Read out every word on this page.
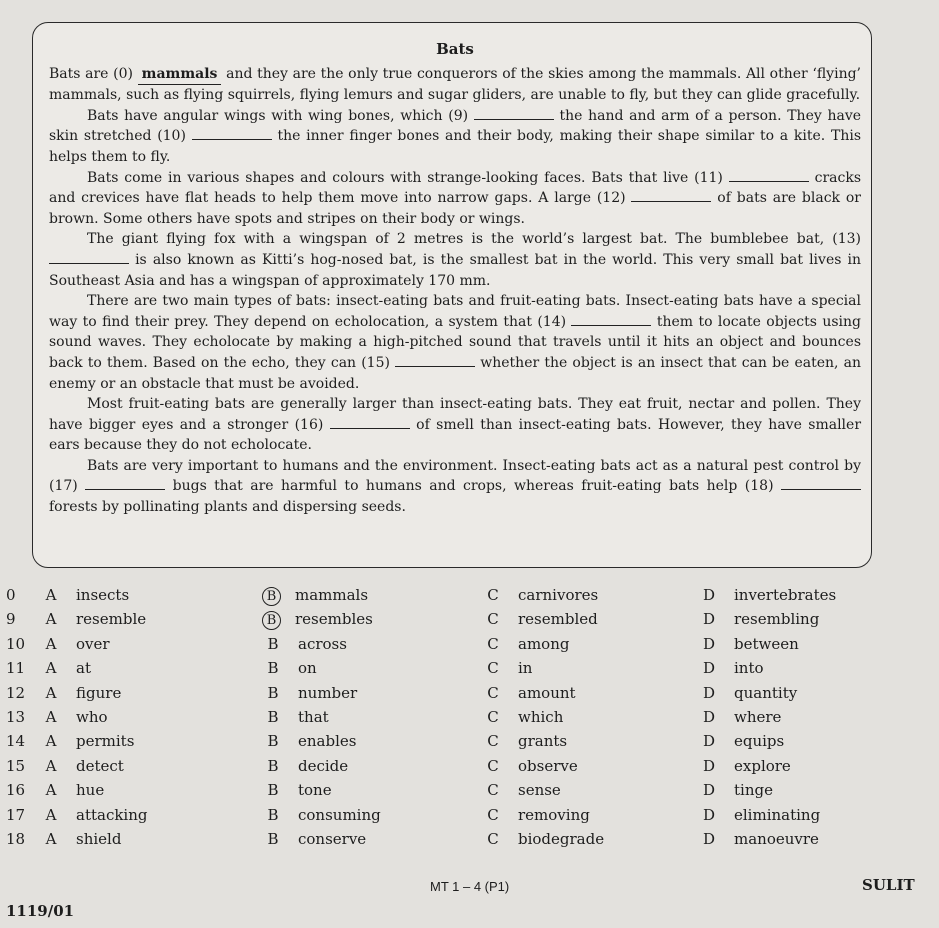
Bats

Bats are (0) mammals and they are the only true conquerors of the skies among the mammals. All other ‘flying’ mammals, such as flying squirrels, flying lemurs and sugar gliders, are unable to fly, but they can glide gracefully.

Bats have angular wings with wing bones, which (9)	the hand and arm of a person. They have skin stretched (10)	the inner finger bones and their body, making their shape similar to a kite. This helps them to fly.

Bats come in various shapes and colours with strange-looking faces. Bats that live (11)	cracks and crevices have flat heads to help them move into narrow gaps. A large (12)	of bats are black or brown. Some others have spots and stripes on their body or wings.

The giant flying fox with a wingspan of 2 metres is the world’s largest bat. The bumblebee bat, (13)  is also known as Kitti’s hog-nosed bat, is the smallest bat in the world. This very small bat lives in Southeast Asia and has a wingspan of approximately 170 mm.

There are two main types of bats: insect-eating bats and fruit-eating bats. Insect-eating bats have a special way to find their prey. They depend on echolocation, a system that (14)	them to locate objects using sound waves. They echolocate by making a high-pitched sound that travels until it hits an object and bounces back to them. Based on the echo, they can (15)	whether the object is an insect that can be eaten, an enemy or an obstacle that must be avoided.

Most fruit-eating bats are generally larger than insect-eating bats. They eat fruit, nectar and pollen. They have bigger eyes and a stronger (16)	of smell than insect-eating bats. However, they have smaller ears because they do not echolocate.

Bats are very important to humans and the environment. Insect-eating bats act as a natural pest control by (17)	bugs that are harmful to humans and crops, whereas fruit-eating bats help (18)  forests by pollinating plants and dispersing seeds.

0	A insects	B mammals	C carnivores	D invertebrates
9	A resemble	B resembles	C resembled	D resembling
10	A over	B across	C among	D between
11	A at	B on	C in	D into
12	A figure	B number	C amount	D quantity
13	A who	B that	C which	D where
14	A permits	B enables	C grants	D equips
15	A detect	B decide	C observe	D explore
16	A hue	B tone	C sense	D tinge
17	A attacking	B consuming	C removing	D eliminating
18	A shield	B conserve	C biodegrade	D manoeuvre
MT 1 – 4 (P1)	SULIT
1119/01
